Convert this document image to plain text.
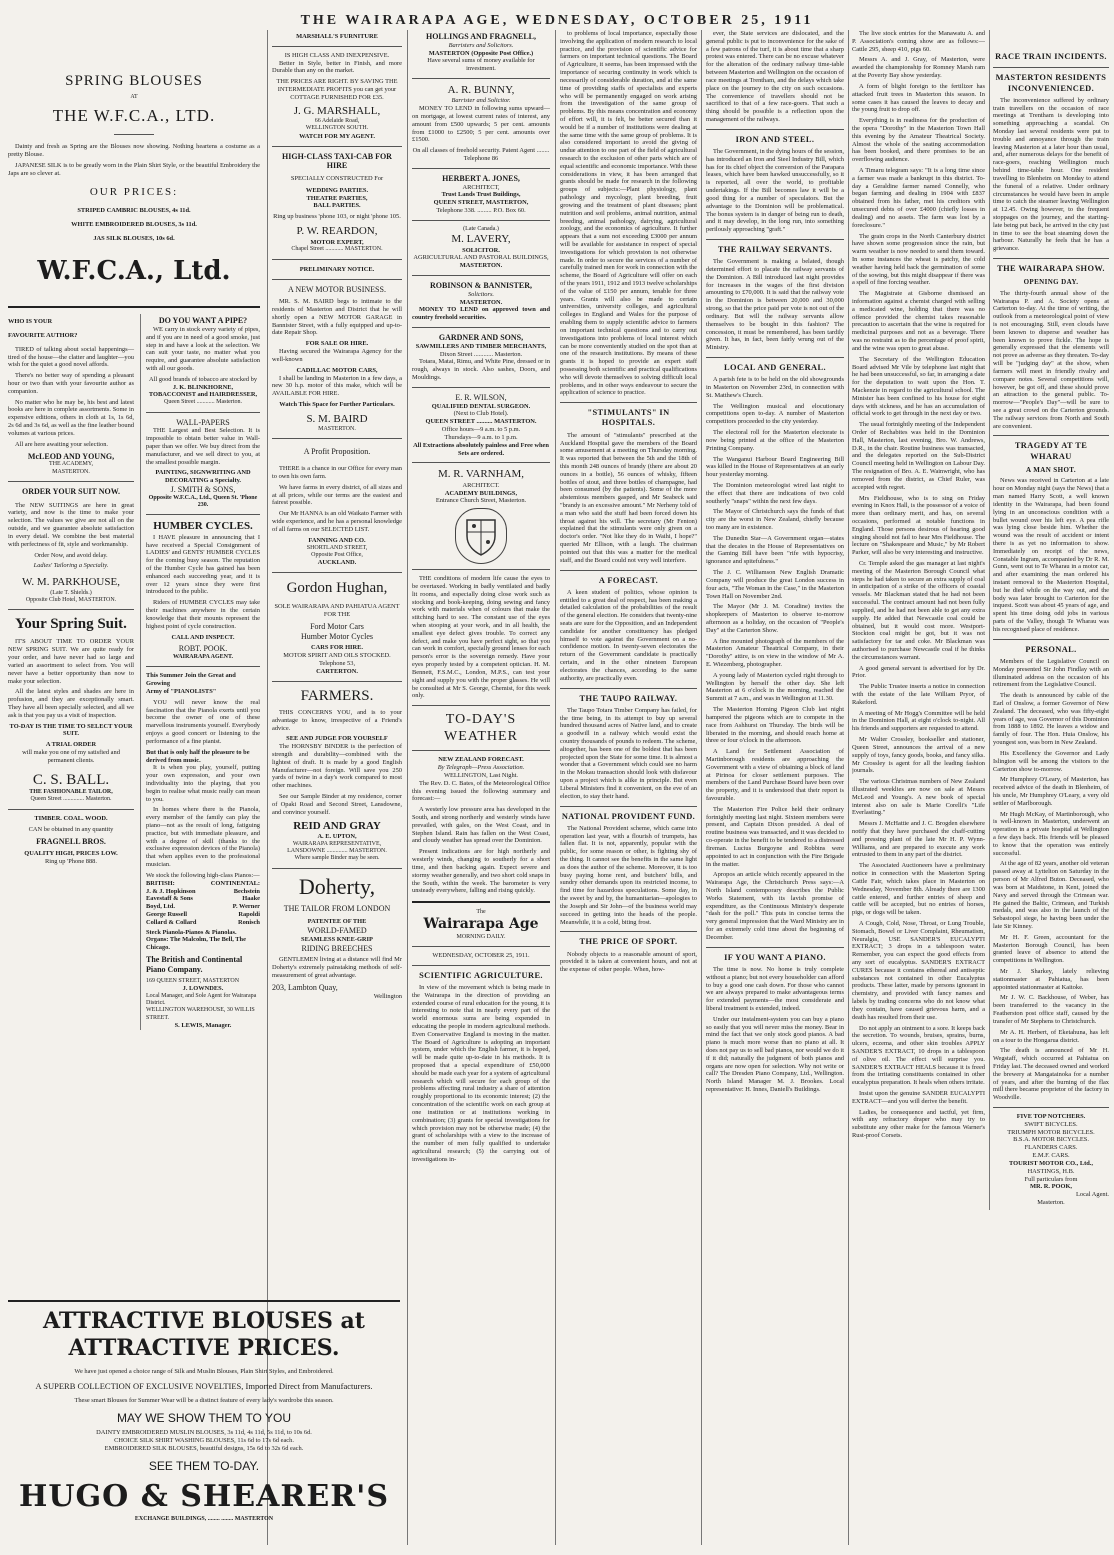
THE WAIRARAPA AGE, WEDNESDAY, OCTOBER 25, 1911
SPRING BLOUSES
AT
THE W.F.C.A., LTD.
Dainty and fresh as Spring are the Blouses now showing. Nothing heartens a costume as a pretty Blouse.
JAPANESE SILK is to be greatly worn in the Plain Shirt Style, or the beautiful Embroidery the Japs are so clever at.
OUR PRICES:
STRIPED CAMBRIC BLOUSES, 4s 11d.
WHITE EMBROIDERED BLOUSES, 3s 11d.
JAS SILK BLOUSES, 10s 6d.
W.F.C.A., Ltd.
WHO IS YOUR
FAVOURITE AUTHOR?
TIRED of talking about social happenings—tired of the house—the clatter and laughter—you wish for the quiet a good novel affords.
There's no better way of spending a pleasant hour or two than with your favourite author as companion.
No matter who he may be, his best and latest books are here in complete assortments. Some in expensive editions, others in cloth at 1s, 1s 6d, 2s 6d and 3s 6d, as well as the fine leather bound volumes at various prices.
All are here awaiting your selection.
McLEOD AND YOUNG,
THE ACADEMY,
MASTERTON.
ORDER YOUR SUIT NOW.
The NEW SUITINGS are here in great variety, and now is the time to make your selection. The values we give are not all on the outside, and we guarantee absolute satisfaction in every detail. We combine the best material with perfectness of fit, style and workmanship.
Order Now, and avoid delay.
Ladies' Tailoring a Specialty.
W. M. PARKHOUSE,
(Late T. Shields.)
Opposite Club Hotel, MASTERTON.
Your Spring Suit.
IT'S ABOUT TIME TO ORDER YOUR NEW SPRING SUIT. We are quite ready for your order, and have never had so large and varied an assortment to select from. You will never have a better opportunity than now to make your selection.
All the latest styles and shades are here in profusion, and they are exceptionally smart. They have all been specially selected, and all we ask is that you pay us a visit of inspection.
TO-DAY IS THE TIME TO SELECT YOUR SUIT.
A TRIAL ORDER
will make you one of my satisfied and permanent clients.
C. S. BALL.
THE FASHIONABLE TAILOR,
Queen Street .............. Masterton.
TIMBER. COAL. WOOD.
CAN be obtained in any quantity
FRAGNELL BROS.
QUALITY HIGH, PRICES LOW.
Ring up 'Phone 888.
DO YOU WANT A PIPE?
WE carry in stock every variety of pipes, and if you are in need of a good smoke, just step in and have a look at the selection. We can suit your taste, no matter what you require, and guarantee absolute satisfaction with all our goods.
All good brands of tobacco are stocked by
J. K. BLINKHORNE,
TOBACCONIST and HAIRDRESSER,
Queen Street ............ Masterton.
WALL-PAPERS
THE Largest and Best Selection. It is impossible to obtain better value in Wall-paper than we offer. We buy direct from the manufacturer, and we sell direct to you, at the smallest possible margin.
PAINTING, SIGNWRITING AND DECORATING a Specialty.
J. SMITH & SONS,
Opposite W.F.C.A., Ltd., Queen St. 'Phone 230.
HUMBER CYCLES.
I HAVE pleasure in announcing that I have received a Special Consignment of LADIES' and GENTS' HUMBER CYCLES for the coming busy season. The reputation of the Humber Cycle has gained has been enhanced each succeeding year, and it is over 12 years since they were first introduced to the public.
Riders of HUMBER CYCLES may take their machines anywhere in the certain knowledge that their mounts represent the highest point of cycle construction.
CALL AND INSPECT.
ROBT. POOK.
WAIRARAPA AGENT.
This Summer Join the Great and Growing
Army of "PIANOLISTS"
YOU will never know the real fascination that the Pianola exerts until you become the owner of one of these marvellous instruments yourself. Everybody enjoys a good concert or listening to the performance of a fine pianist.
But that is only half the pleasure to be derived from music.
It is when you play, yourself, putting your own expression, and your own individuality into the playing, that you begin to realise what music really can mean to you.
In homes where there is the Pianola, every member of the family can play the piano—not as the result of long, fatiguing practice, but with immediate pleasure, and with a degree of skill (thanks to the exclusive expression devices of the Pianola) that when applies even to the professional musician.
We stock the following high-class Pianos:—
BRITISH:	CONTINENTAL:
J. & J. Hopkinson	Bechstein
Eavestaff & Sons	Haake
Boyd, Ltd.	P. Werner
George Russell	Rapoldi
Collard & Collard	Ronisch
Steck Pianola-Pianos & Pianolas.
Organs: The Malcolm, The Bell, The Chicago.
The British and Continental Piano Company.
169 QUEEN STREET, MASTERTON
J. LOWNDES.
Local Manager, and Sole Agent for Wairarapa District.
WELLINGTON WAREHOUSE, 30 WILLIS STREET.
S. LEWIS, Manager.
ATTRACTIVE BLOUSES at
ATTRACTIVE PRICES.
We have just opened a choice range of Silk and Muslin Blouses, Plain Shirt Styles, and Embroidered.
A SUPERB COLLECTION OF EXCLUSIVE NOVELTIES, Imported Direct from Manufacturers.
These smart Blouses for Summer Wear will be a distinct feature of every lady's wardrobe this season.
MAY WE SHOW THEM TO YOU
DAINTY EMBROIDERED MUSLIN BLOUSES, 3s 11d, 4s 11d, 5s 11d, to 10s 6d.
CHOICE SILK SHIRT WASHING BLOUSES, 11s 6d to 17s 6d each.
EMBROIDERED SILK BLOUSES, beautiful designs, 15s 6d to 32s 6d each.
SEE THEM TO-DAY.
HUGO & SHEARER'S
EXCHANGE BUILDINGS, ........ ........ MASTERTON
MARSHALL'S FURNITURE
IS HIGH CLASS AND INEXPENSIVE.
Better in Style, better in Finish, and more Durable than any on the market.
THE PRICES ARE RIGHT. BY SAVING THE INTERMEDIATE PROFITS you can get your COTTAGE FURNISHED FOR £35.
J. G. MARSHALL,
66 Adelaide Road,
WELLINGTON SOUTH.
WATCH FOR MY AGENT.
HIGH-CLASS TAXI-CAB FOR HIRE
SPECIALLY CONSTRUCTED For
WEDDING PARTIES.
THEATRE PARTIES,
BALL PARTIES.
Ring up business 'phone 103, or night 'phone 105.
P. W. REARDON,
MOTOR EXPERT,
Chapel Street ............ MASTERTON.
PRELIMINARY NOTICE.
A NEW MOTOR BUSINESS.
MR. S. M. BAIRD begs to intimate to the residents of Masterton and District that he will shortly open a NEW MOTOR GARAGE in Bannister Street, with a fully equipped and up-to-date Repair Shop.
FOR SALE OR HIRE.
Having secured the Wairarapa Agency for the well-known
CADILLAC MOTOR CARS,
I shall be landing in Masterton in a few days, a new 30 h.p. motor of this make, which will be AVAILABLE FOR HIRE.
Watch This Space for Further Particulars.
S. M. BAIRD
MASTERTON.
A Profit Proposition.
THERE is a chance in our Office for every man to own his own farm.
We have farms in every district, of all sizes and at all prices, while our terms are the easiest and fairest possible.
Our Mr HANNA is an old Waikato Farmer with wide experience, and he has a personal knowledge of all farms on our SELECTED LIST.
FANNING AND CO.
SHORTLAND STREET,
Opposite Post Office,
AUCKLAND.
Gordon Hughan,
SOLE WAIRARAPA AND PAHIATUA AGENT FOR THE
Ford Motor Cars
Humber Motor Cycles
CARS FOR HIRE.
MOTOR SPIRIT AND OILS STOCKED.
Telephone 53,
CARTERTON.
FARMERS.
THIS CONCERNS YOU, and is to your advantage to know, irrespective of a Friend's advice.
SEE AND JUDGE FOR YOURSELF
The HORNSBY BINDER is the perfection of strength and durability—combined with the lightest of draft. It is made by a good English Manufacturer—not foreign. Will save you 250 yards of twine in a day's work compared to most other machines.
See our Sample Binder at my residence, corner of Opaki Road and Second Street, Lansdowne, and convince yourself.
REID AND GRAY
A. E. UPTON,
WAIRARAPA REPRESENTATIVE,
LANSDOWNE .............. MASTERTON.
Where sample Binder may be seen.
Doherty,
THE TAILOR FROM LONDON
PATENTEE OF THE
WORLD-FAMED
SEAMLESS KNEE-GRIP
RIDING BREECHES
GENTLEMEN living at a distance will find Mr Doherty's extremely painstaking methods of self-measurement of great advantage.
203, Lambton Quay,
Wellington
HOLLINGS AND FRAGNELL,
Barristers and Solicitors.
MASTERTON (Opposite Post Office.)
Have several sums of money available for investment.
A. R. BUNNY,
Barrister and Solicitor.
MONEY TO LEND in following sums upward—on mortgage, at lowest current rates of interest, any amount from £500 upwards; 5 per cent. amounts from £1000 to £2500; 5 per cent. amounts over £1500.
On all classes of freehold security. Patent Agent ........ Telephone 86
HERBERT A. JONES,
ARCHITECT,
Trust Lands Trust Buildings,
QUEEN STREET, MASTERTON,
Telephone 338. ......... P.O. Box 60.
(Late Canada.)
M. LAVERY,
SOLICITOR.
AGRICULTURAL AND PASTORAL BUILDINGS,
MASTERTON.
ROBINSON & BANNISTER,
Solicitors.
MASTERTON.
MONEY TO LEND on approved town and country freehold securities.
GARDNER AND SONS,
SAWMILLERS AND TIMBER MERCHANTS,
Dixon Street ............ Masterton.
Totara, Matai, Rimu, and White Pine, dressed or in rough, always in stock. Also sashes, Doors, and Mouldings.
E. R. WILSON,
QUALIFIED DENTAL SURGEON.
(Next to Club Hotel).
QUEEN STREET .......... MASTERTON.
Office hours—9 a.m. to 5 p.m.
Thursdays—9 a.m. to 1 p.m.
All Extractions absolutely painless and Free when Sets are ordered.
M. R. VARNHAM,
ARCHITECT.
ACADEMY BUILDINGS,
Entrance Church Street, Masterton.
THE conditions of modern life cause the eyes to be overtaxed. Working in badly ventilated and badly lit rooms, and especially doing close work such as stocking and book-keeping, doing sewing and fancy work with materials when of colours that make the stitching hard to see. The constant use of the eyes when stooping at your work, and in all health, the smallest eye defect gives trouble. To correct any defect, and make you have perfect sight, so that you can work in comfort, specially ground lenses for each person's error is the sovereign remedy. Have your eyes properly tested by a competent optician. H. M. Bennett, F.S.M.C., London, M.P.S., can test your sight and supply you with the proper glasses. He will be consulted at Mr S. George, Chemist, for this week only.
TO-DAY'S WEATHER
NEW ZEALAND FORECAST.
By Telegraph—Press Association.
WELLINGTON, Last Night.
The Rev. D. C. Bates, of the Meteorological Office this evening issued the following summary and forecast:—
A westerly low pressure area has developed in the South, and strong northerly and westerly winds have prevailed, with gales, on the West Coast, and in Stephen Island. Rain has fallen on the West Coast, and cloudy weather has spread over the Dominion.
Present indications are for high northerly and westerly winds, changing to southerly for a short time, and then backing again. Expect severe and stormy weather generally, and two short cold snaps in the South, within the week. The barometer is very unsteady everywhere, falling and rising quickly.
The
Wairarapa Age
MORNING DAILY.
WEDNESDAY, OCTOBER 25, 1911.
SCIENTIFIC AGRICULTURE.
In view of the movement which is being made in the Wairarapa in the direction of providing an extended course of rural education for the young, it is interesting to note that in nearly every part of the world enormous sums are being expended in educating the people in modern agricultural methods. Even Conservative England is moving in the matter. The Board of Agriculture is adopting an important system, under which the English farmer, it is hoped, will be made quite up-to-date in his methods. It is proposed that a special expenditure of £50,000 should be made each year for a system of agricultural research which will secure for each group of the problems affecting rural industry a share of attention roughly proportional to its economic interest; (2) the concentration of the scientific work on each group at one institution or at institutions working in combination; (3) grants for special investigations for which provision may not be otherwise made; (4) the grant of scholarships with a view to the increase of the number of men fully qualified to undertake agricultural research; (5) the carrying out of investigations in-
to problems of local importance, especially those involving the application of modern research to local practice, and the provision of scientific advice for farmers on important technical questions. The Board of Agriculture, it seems, has been impressed with the importance of securing continuity in work which is necessarily of considerable duration, and at the same time of providing staffs of specialists and experts who will be permanently engaged on work arising from the investigation of the same group of problems. By this means concentration and economy of effort will, it is felt, be better secured than it would be if a number of institutions were dealing at the same time with the same group of problems. It is also considered important to avoid the giving of undue attention to one part of the field of agricultural research to the exclusion of other parts which are of equal scientific and economic importance. With these considerations in view, it has been arranged that grants should be made for research in the following groups of subjects:—Plant physiology, plant pathology and mycology, plant breeding, fruit growing and the treatment of plant diseases; plant nutrition and soil problems, animal nutrition, animal breeding, animal pathology, dairying, agricultural zoology, and the economics of agriculture. It further appears that a sum not exceeding £3000 per annum will be available for assistance in respect of special investigations for which provision is not otherwise made. In order to secure the services of a number of carefully trained men for work in connection with the scheme, the Board of Agriculture will offer on each of the years 1911, 1912 and 1913 twelve scholarships of the value of £150 per annum, tenable for three years. Grants will also be made to certain universities, university colleges, and agricultural colleges in England and Wales for the purpose of enabling them to supply scientific advice to farmers on important technical questions and to carry out investigations into problems of local interest which can be more conveniently studied on the spot than at one of the research institutions. By means of these grants it is hoped to provide an expert staff possessing both scientific and practical qualifications who will devote themselves to solving difficult local problems, and in other ways endeavour to secure the application of science to practice.
"STIMULANTS" IN HOSPITALS.
The amount of "stimulants" prescribed at the Auckland Hospital gave the members of the Board some amusement at a meeting on Thursday morning. It was reported that between the 5th and the 18th of this month 248 ounces of brandy (there are about 20 ounces in a bottle), 56 ounces of whisky, fifteen bottles of stout, and three bottles of champagne, had been consumed (by the patients). Some of the more abstemious members gasped, and Mr Seabeck said "brandy is an excessive amount." Mr Nerheny told of a man who said the stuff had been forced down his throat against his will. The secretary (Mr Fenton) explained that the stimulants were only given on a doctor's order. "Not like they do in Waihi, I hope?" queried Mr Ellison, with a laugh. The chairman pointed out that this was a matter for the medical staff, and the Board could not very well interfere.
A FORECAST.
A keen student of politics, whose opinion is entitled to a great deal of respect, has been making a detailed calculation of the probabilities of the result of the general election. He considers that twenty-nine seats are sure for the Opposition, and an Independent candidate for another constituency has pledged himself to vote against the Government on a no-confidence motion. In twenty-seven electorates the return of the Government candidate is practically certain, and in the other nineteen European electorates the chances, according to the same authority, are practically even.
THE TAUPO RAILWAY.
The Taupo Totara Timber Company has failed, for the time being, in its attempt to buy up several hundred thousand acres of Native land, and to create a goodwill in a railway which would exist the country thousands of pounds to redeem. The scheme, altogether, has been one of the boldest that has been projected upon the State for some time. It is almost a wonder that a Government which could see no harm in the Mokau transaction should look with disfavour upon a project which is alike in principle. But even Liberal Ministers find it convenient, on the eve of an election, to stay their hand.
NATIONAL PROVIDENT FUND.
The National Provident scheme, which came into operation last year, with a flourish of trumpets, has fallen flat. It is not, apparently, popular with the public, for some reason or other, is fighting shy of the thing. It cannot see the benefits in the same light as does the author of the scheme. Moreover, it is too busy paying home rent, and butchers' bills, and sundry other demands upon its restricted income, to find time for hazardous speculations. Some day, in the sweet by and by, the humanitarian—apologies to the Joseph and Sir John—of the business world may succeed in getting into the heads of the people. Meanwhile, it is a cold, biting frost.
THE PRICE OF SPORT.
Nobody objects to a reasonable amount of sport, provided it is taken at convenient hours, and not at the expense of other people. When, how-
ever, the State services are dislocated, and the general public is put to inconvenience for the sake of a few patrons of the turf, it is about time that a sharp protest was entered. There can be no excuse whatever for the alteration of the ordinary railway time-table between Masterton and Wellington on the occasion of race meetings at Trentham, and the delays which take place on the journey to the city on such occasions. The convenience of travellers should not be sacrificed to that of a few race-goers. That such a thing should be possible is a reflection upon the management of the railways.
IRON AND STEEL.
The Government, in the dying hours of the session, has introduced an Iron and Steel Industry Bill, which has for its chief object the conversion of the Parapara leases, which have been hawked unsuccessfully, so it is reported, all over the world, to profitable undertakings. If the Bill becomes law it will be a good thing for a number of speculators. But the advantage to the Dominion will be problematical. The bonus system is in danger of being run to death, and it may develop, in the long run, into something perilously approaching "graft."
THE RAILWAY SERVANTS.
The Government is making a belated, though determined effort to placate the railway servants of the Dominion. A Bill introduced last night provides for increases in the wages of the first division amounting to £70,000. It is said that the railway vote in the Dominion is between 20,000 and 30,000 strong, so that the price paid per vote is not out of the ordinary. But will the railway servants allow themselves to be bought in this fashion? The concession, it must be remembered, has been tardily given. It has, in fact, been fairly wrung out of the Ministry.
LOCAL AND GENERAL.
A parish fete is to be held on the old showgrounds in Masterton on November 23rd, in connection with St. Matthew's Church.
The Wellington musical and elocutionary competitions open to-day. A number of Masterton competitors proceeded to the city yesterday.
The electoral roll for the Masterton electorate is now being printed at the office of the Masterton Printing Company.
The Wanganui Harbour Board Engineering Bill was killed in the House of Representatives at an early hour yesterday morning.
The Dominion meteorologist wired last night to the effect that there are indications of two cold southerly "snaps" within the next few days.
The Mayor of Christchurch says the funds of that city are the worst in New Zealand, chiefly because too many are in existence.
The Dunedin Star—A Government organ—states that the decaies in the House of Representatives on the Gaming Bill have been "rife with hypocrisy, ignorance and spitefulness."
The J. C. Williamson New English Dramatic Company will produce the great London success in four acts, "The Woman in the Case," in the Masterton Town Hall on November 2nd.
The Mayor (Mr J. M. Coradine) invites the shopkeepers of Masterton to observe to-morrow afternoon as a holiday, on the occasion of "People's Day" at the Carterton Show.
A fine mounted photograph of the members of the Masterton Amateur Theatrical Company, in their "Dorothy" attire, is on view in the window of Mr A. E. Wiezenberg, photographer.
A young lady of Masterton cycled right through to Wellington by herself the other day. She left Masterton at 6 o'clock in the morning, reached the Summit at 7 a.m., and was in Wellington at 11.30.
The Masterton Homing Pigeon Club last night hampered the pigeons which are to compete in the race from Ashhurst on Thursday. The birds will be liberated in the morning, and should reach home at three or four o'clock in the afternoon.
A Land for Settlement Association of Martinborough residents are approaching the Government with a view of obtaining a block of land at Pirinoa for closer settlement purposes. The members of the Land Purchase Board have been over the property, and it is understood that their report is favourable.
The Masterton Fire Police held their ordinary fortnightly meeting last night. Sixteen members were present, and Captain Dixon presided. A deal of routine business was transacted, and it was decided to co-operate in the benefit to be tendered to a distressed fireman. Lucius Burgoyne and Robbins were appointed to act in conjunction with the Fire Brigade in the matter.
Apropos an article which recently appeared in the Wairarapa Age, the Christchurch Press says:—A North Island contemporary describes the Public Works Statement, with its lavish promise of expenditure, as the Continuous Ministry's desperate "dash for the poll." This puts in concise terms the very general impression that the Ward Ministry are in for an extremely cold time about the beginning of December.
IF YOU WANT A PIANO.
The time is now. No home is truly complete without a piano; but not every householder can afford to buy a good one cash down. For those who cannot we are always prepared to make advantageous terms for extended payments—the most considerate and liberal treatment is extended, indeed.
Under our instalment-system you can buy a piano so easily that you will never miss the money. Bear in mind the fact that we only stock good pianos. A bad piano is much more worse than no piano at all. It does not pay us to sell bad pianos, nor would we do it if it did; naturally the judgment of both pianos and organs are now open for selection. Why not write or call? The Dresden Piano Company, Ltd., Wellington. North Island Manager M. J. Brookes. Local representative: H. Innes, Daniell's Buildings.
The live stock entries for the Manawatu A. and P. Association's coming show are as follows:—Cattle 295, sheep 410, pigs 60.
Messrs A. and J. Gray, of Masterton, were awarded the championship for Romney Marsh ram at the Poverty Bay show yesterday.
A form of blight foreign to the fertilizer has attacked fruit trees in Masterton this season. In some cases it has caused the leaves to decay and the young fruit to drop off.
Everything is in readiness for the production of the opera "Dorothy" in the Masterton Town Hall this evening by the Amateur Theatrical Society. Almost the whole of the seating accommodation has been booked, and there promises to be an overflowing audience.
A Timaru telegram says: "It is a long time since a farmer was made a bankrupt in this district. To-day a Geraldine farmer named Connelly, who began farming and dealing in 1904 with £837 obtained from his father, met his creditors with unsecured debts of over £4000 (chiefly losses in dealing) and no assets. The farm was lost by a foreclosure."
The grain crops in the North Canterbury district have shown some progression since the rain, but warm weather is now needed to send them toward. In some instances the wheat is patchy, the cold weather having held back the germination of some of the sowing, but this might disappear if there was a spell of fine forcing weather.
The Magistrate at Gisborne dismissed an information against a chemist charged with selling a medicated wine, holding that there was no offence provided the chemist takes reasonable precaution to ascertain that the wine is required for medicinal purposes and not as a beverage. There was no restraint as to the percentage of proof spirit, and the wine was open to great abuse.
The Secretary of the Wellington Education Board advised Mr Vile by telephone last night that he had been unsuccessful, so far, in arranging a date for the deputation to wait upon the Hon. T. Mackenzie in regard to the agricultural school. The Minister has been confined to his house for eight days with sickness, and he has an accumulation of official work to get through in the next day or two.
The usual fortnightly meeting of the Independent Order of Rechabites was held in the Dominion Hall, Masterton, last evening, Bro. W. Andrews, D.R., in the chair. Routine business was transacted, and the delegates reported on the Sub-District Council meeting held in Wellington on Labour Day. The resignation of Bro. A. E. Wainwright, who has removed from the district, as Chief Ruler, was accepted with regret.
Mrs Fieldhouse, who is to sing on Friday evening in Knox Hall, is the possessor of a voice of more than ordinary merit, and has, on several occasions, performed at notable functions in England. Those persons desirous of hearing good singing should not fail to hear Mrs Fieldhouse. The lecture on "Shakespeare and Music," by Mr Robert Parker, will also be very interesting and instructive.
Cr. Temple asked the gas manager at last night's meeting of the Masterton Borough Council what steps he had taken to secure an extra supply of coal in anticipation of a strike of the officers of coastal vessels. Mr Blackman stated that he had not been successful. The contract amount had not been fully supplied, and he had not been able to get any extra supply. He added that Newcastle coal could be obtained, but it would cost more. Westport-Stockton coal might be got, but it was not satisfactory for tar and coke. Mr Blackman was authorised to purchase Newcastle coal if he thinks the circumstances warrant.
A good general servant is advertised for by Dr. Prior.
The Public Trustee inserts a notice in connection with the estate of the late William Pryor, of Rakeford.
A meeting of Mr Hogg's Committee will be held in the Dominion Hall, at eight o'clock to-night. All his friends and supporters are requested to attend.
Mr Walter Crossley, bookseller and stationer, Queen Street, announces the arrival of a new supply of toys, fancy goods, books, and fancy silks. Mr Crossley is agent for all the leading fashion journals.
The various Christmas numbers of New Zealand illustrated weeklies are now on sale at Messrs McLeod and Young's. A new book of special interest also on sale is Marie Corelli's "Life Everlasting."
Messrs J. McHattie and J. C. Brogden elsewhere notify that they have purchased the chaff-cutting and pressing plant of the late Mr H. P. Wynn-Williams, and are prepared to execute any work entrusted to them in any part of the district.
The Associated Auctioneers have a preliminary notice in connection with the Masterton Spring Cattle Fair, which takes place in Masterton on Wednesday, November 8th. Already there are 1300 cattle entered, and further entries of sheep and cattle will be accepted, but no entries of horses, pigs, or dogs will be taken.
A Cough, Cold, Nose, Throat, or Lung Trouble, Stomach, Bowel or Liver Complaint, Rheumatism, Neuralgia, USE SANDER'S EUCALYPTI EXTRACT; 3 drops in a tablespoon water. Remember, you can expect the good effects from any sort of eucalyptus. SANDER'S EXTRACT CURES because it contains ethereal and antiseptic substances not contained in other Eucalyptus products. These latter, made by persons ignorant in chemistry, and provided with fancy names and labels by trading concerns who do not know what they contain, have caused grievous harm, and a death has resulted from their use.
Do not apply an ointment to a sore. It keeps back the secretion. To wounds, bruises, sprains, burns, ulcers, eczema, and other skin troubles APPLY SANDER'S EXTRACT, 10 drops in a tablespoon of olive oil. The effect will surprise you. SANDER'S EXTRACT HEALS because it is freed from the irritating constituents contained in other eucalyptus preparation. It heals when others irritate.
Insist upon the genuine SANDER EUCALYPTI EXTRACT—and you will derive the benefit.
Ladies, be consequence and tactful, yet firm, with any refractory draper who may try to substitute any other make for the famous Warner's Rust-proof Corsets.
RACE TRAIN INCIDENTS.
MASTERTON RESIDENTS INCONVENIENCED.
The inconvenience suffered by ordinary train travellers on the occasion of race meetings at Trentham is developing into something approaching a scandal. On Monday last several residents were put to trouble and annoyance through the train leaving Masterton at a later hour than usual, and, after numerous delays for the benefit of race-goers, reaching Wellington much behind time-table hour. One resident travelling to Blenheim on Monday to attend the funeral of a relative. Under ordinary circumstances he would have been in ample time to catch the steamer leaving Wellington at 12.45. Owing however, to the frequent stoppages on the journey, and the starting-late being put back, he arrived in the city just in time to see the boat steaming down the harbour. Naturally he feels that he has a grievance.
THE WAIRARAPA SHOW.
OPENING DAY.
The thirty-fourth annual show of the Wairarapa P. and A. Society opens at Carterton to-day. At the time of writing, the outlook from a meteorological point of view is not encouraging. Still, even clouds have been known to disperse and weather has been known to prove fickle. The hope is generally expressed that the elements will not prove as adverse as they threaten. To-day will be "judging day" at the show, when farmers will meet in friendly rivalry and compare notes. Several competitions will, however, be got off, and these should prove an attraction to the general public. To-morrow—"People's Day"—will be sure to see a great crowd on the Carterton grounds. The railway services from North and South are convenient.
TRAGEDY AT TE WHARAU
A MAN SHOT.
News was received in Carterton at a late hour on Monday night (says the News) that a man named Harry Scott, a well known identity in the Wairarapa, had been found lying in an unconscious condition with a bullet wound over his left eye. A pea rifle was lying close beside him. Whether the wound was the result of accident or intent there is as yet no information to show. Immediately on receipt of the news, Constable Ingram, accompanied by Dr R. M. Gunn, went out to Te Wharau in a motor car, and after examining the man ordered his instant removal to the Masterton Hospital, but he died while on the way out, and the body was later brought to Carterton for the inquest. Scott was about 45 years of age, and spent his time doing odd jobs in various parts of the Valley, though Te Wharau was his recognised place of residence.
PERSONAL.
Members of the Legislative Council on Monday presented Sir John Findlay with an illuminated address on the occasion of his retirement from the Legislative Council.
The death is announced by cable of the Earl of Onslow, a former Governor of New Zealand. The deceased, who was fifty-eight years of age, was Governor of this Dominion from 1888 to 1892. He leaves a widow and family of four. The Hon. Huia Onslow, his youngest son, was born in New Zealand.
His Excellency the Governor and Lady Islington will be among the visitors to the Carterton show to-morrow.
Mr Humphrey O'Leary, of Masterton, has received advice of the death in Blenheim, of his uncle, Mr Humphrey O'Leary, a very old settler of Marlborough.
Mr Hugh McKay, of Martinborough, who is well-known in Masterton, underwent an operation in a private hospital at Wellington a few days back. His friends will be pleased to know that the operation was entirely successful.
At the age of 82 years, another old veteran passed away at Lyttelton on Saturday in the person of Mr Alfred Buton. Deceased, who was born at Maidstone, in Kent, joined the Navy and served through the Crimean war. He gained the Baltic, Crimean, and Turkish medals, and was also in the launch of the Sebastopol siege, he having been under the late Sir Kinney.
Mr H. F. Green, accountant for the Masterton Borough Council, has been granted leave of absence to attend the competitions in Wellington.
Mr J. Sharkey, lately relieving stationmaster at Pahiatua, has been appointed stationmaster at Kaitoke.
Mr J. W. C. Backhouse, of Weber, has been transferred to the vacancy in the Featherston post office staff, caused by the transfer of Mr Stephens to Christchurch.
Mr A. H. Herbert, of Eketahuna, has left on a tour to the Hongarua district.
The death is announced of Mr H. Wegstaff, which occurred at Pahiatua on Friday last. The deceased owned and worked the brewery at Mangatainoka for a number of years, and after the burning of the flax mill there became proprietor of the factory in Woodville.
FIVE TOP NOTCHERS.
SWIFT BICYCLES.
TRIUMPH MOTOR BICYCLES.
B.S.A. MOTOR BICYCLES.
FLANDERS CARS.
E.M.F. CARS.
TOURIST MOTOR CO., Ltd.,
HASTINGS, H.B.
Full particulars from
MR. R. POOK,
Local Agent.
Masterton.
